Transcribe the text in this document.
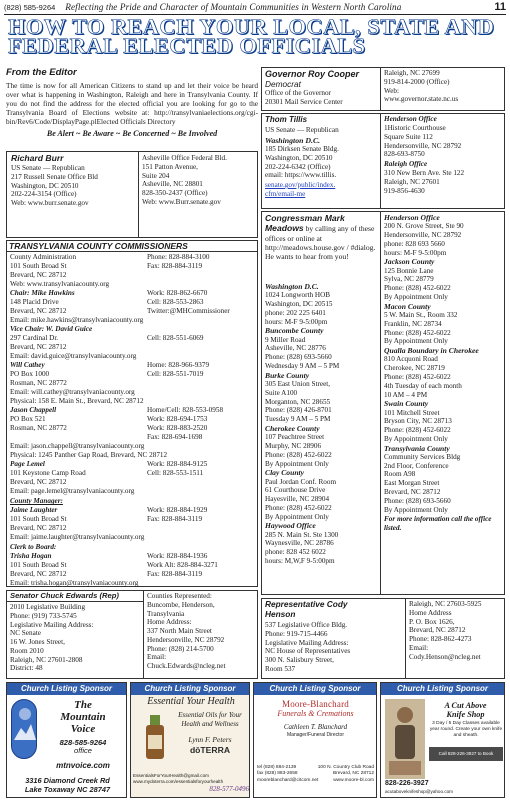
(828) 585-9264 Reflecting the Pride and Character of Mountain Communities in Western North Carolina	11
HOW TO REACH YOUR LOCAL, STATE AND
FEDERAL ELECTED OFFICIALS
From the Editor
The time is now for all American Citizens to stand up and let their voice be heard over what is happening in Washington, Raleigh and here in Transylvania County. If you do not find the address for the elected official you are looking for go to the Transylvania Board of Elections website at: http://transylvaniaelections.org/cgi-bin/Rev6/Code/DisplayPage.plElected Officials Directory
Be Alert ~ Be Aware ~ Be Concerned ~ Be Involved
Richard Burr
US Senate — Republican
217 Russell Senate Office Bld
Washington, DC 20510
202-224-3154 (Office)
Web: www.burr.senate.gov
Asheville Office Federal Bld.
151 Patton Avenue,
Suite 204
Asheville, NC 28801
828-350-2437 (Office)
Web: www.Burr.senate.gov
TRANSYLVANIA COUNTY COMMISSIONERS
County Administration
101 South Broad St
Brevard, NC 28712
Web: www.transylvaniacounty.org
Phone: 828-884-3100
Fax: 828-884-3119
Chair: Mike Hawkins
148 Placid Drive
Brevard, NC 28712
Work: 828-862-6670
Cell: 828-553-2863
Twitter:@MHCommissioner
Email: mike.hawkins@transylvaniacounty.org
Vice Chair: W. David Guice
297 Cardinal Dr.
Brevard, NC 28712
Cell: 828-551-6069
Email: david.guice@transylvaniacounty.org
Will Cathey
PO Box 1000
Rosman, NC 28772
Home: 828-966-9379
Cell: 828-551-7019
Email: will.cathey@transylvaniacounty.org
Physical: 158 E. Main St., Brevard, NC 28712
Jason Chappell
PO Box 521
Rosman, NC 28772
Home/Cell: 828-553-0958
Work: 828-694-1753
Work: 828-883-2520
Fax: 828-694-1698
Email: jason.chappell@transylvaniacounty.org
Physical: 1245 Panther Gap Road, Brevard, NC 28712
Page Lemel
101 Keystone Camp Road
Brevard, NC 28712
Work: 828-884-9125
Cell: 828-553-1511
Email: page.lemel@transylvaniacounty.org
County Manager:
Jaime Laughter
101 South Broad St
Brevard, NC 28712
Work: 828-884-1929
Fax: 828-884-3119
Email: jaime.laughter@transylvaniacounty.org
Clerk to Board:
Trisha Hogan
101 South Broad St
Brevard, NC 28712
Work: 828-884-1936
Work Alt: 828-884-3271
Fax: 828-884-3119
Email: trisha.hogan@transylvaniacounty.org
Senator Chuck Edwards (Rep)
2010 Legislative Building
Phone: (919) 733-5745
Legislative Mailing Address:
NC Senate
16 W. Jones Street,
Room 2010
Raleigh, NC 27601-2808
District: 48
Counties Represented:
Buncombe, Henderson,
Transylvania
Home Address:
337 North Main Street
Hendersonville, NC 28792
Phone: (828) 214-5700
Email:
Chuck.Edwards@ncleg.net
Governor Roy Cooper
Democrat
Office of the Governor
20301 Mail Service Center
Raleigh, NC 27699
919-814-2000 (Office)
Web:
www.governor.state.nc.us
Thom Tillis
US Senate — Republican
Washington D.C.
185 Dirksen Senate Bldg.
Washington, DC 20510
202-224-6342 (Office)
email: https://www.tillis.
senate.gov/public/index.
cfm/email-me
Henderson Office
1Historic Courthouse
Square Suite 112
Hendersonville, NC 28792
828-693-8750
Raleigh Office
310 New Bern Ave. Ste 122
Raleigh, NC 27601
919-856-4630
Congressman Mark
Meadows by calling any of these offices or online at http://meadows.house.gov / #dialog. He wants to hear from you!
Washington D.C.
1024 Longworth HOB
Washington, DC 20515
phone: 202 225 6401
hours: M-F 9-5:00pm
Buncombe County
9 Miller Road
Asheville, NC 28776
Phone: (828) 693-5660
Wednesday 9 AM – 5 PM
Burke County
305 East Union Street,
Suite A100
Morganton, NC 28655
Phone: (828) 426-8701
Tuesday 9 AM – 5 PM
Cherokee County
107 Peachtree Street
Murphy, NC 28906
Phone: (828) 452-6022
By Appointment Only
Clay County
Paul Jordan Conf. Room
61 Courthouse Drive
Hayesville, NC 28904
Phone: (828) 452-6022
By Appointment Only
Haywood Office
285 N. Main St. Ste 1300
Waynesville, NC 28786
phone: 828 452 6022
hours: M,W,F 9-5:00pm
Henderson Office
200 N. Grove Street, Ste 90
Hendersonville, NC 28792
phone: 828 693 5660
hours: M-F 9-5:00pm
Jackson County
125 Bonnie Lane
Sylva, NC 28779
Phone: (828) 452-6022
By Appointment Only
Macon County
5 W. Main St., Room 332
Franklin, NC 28734
Phone: (828) 452-6022
By Appointment Only
Qualla Boundary in Cherokee
810 Acquoni Road
Cherokee, NC 28719
Phone: (828) 452-6022
4th Tuesday of each month
10 AM – 4 PM
Swain County
101 Mitchell Street
Bryson City, NC 28713
Phone: (828) 452-6022
By Appointment Only
Transylvania County
Community Services Bldg
2nd Floor, Conference
Room A98
East Morgan Street
Brevard, NC 28712
Phone: (828) 693-5660
By Appointment Only
For more information call the office listed.
Representative Cody
Henson
537 Legislative Office Bldg.
Phone: 919-715-4466
Legislative Mailing Address:
NC House of Representatives
300 N. Salisbury Street,
Room 537
Raleigh, NC 27603-5925
Home Address
P. O. Box 1626,
Brevard, NC 28712
Phone: 828-862-4273
Email:
Cody.Henson@ncleg.net
Church Listing Sponsor
The
Mountain
Voice
828-585-9264
office
mtnvoice.com
3316 Diamond Creek Rd
Lake Toxaway NC 28747
Church Listing Sponsor
Essential Your Health
Essential Oils for Your
Health and Wellness
Lynn F. Peters
dōTERRA
EssentialsForYourHealth@gmail.com
www.mydoterra.com/essentialsforyourhealth
828-577-0496
Church Listing Sponsor
Moore-Blanchard
Funerals & Cremations
Cathleen T. Blanchard
Manager/Funeral Director
tel (828) 884-2139
fax (828) 883-2658
mooreblanchard@citcom.net
100 N. Country Club Road
Brevard, NC 28712
www.moore-bl.com
Church Listing Sponsor
A Cut Above
Knife Shop
3 Day / 5 Day Classes available year round. Create your own knife and sheath.
Call 828-226-3927 to Book
828-226-3927
acutaboveknifeshop@yahoo.com
